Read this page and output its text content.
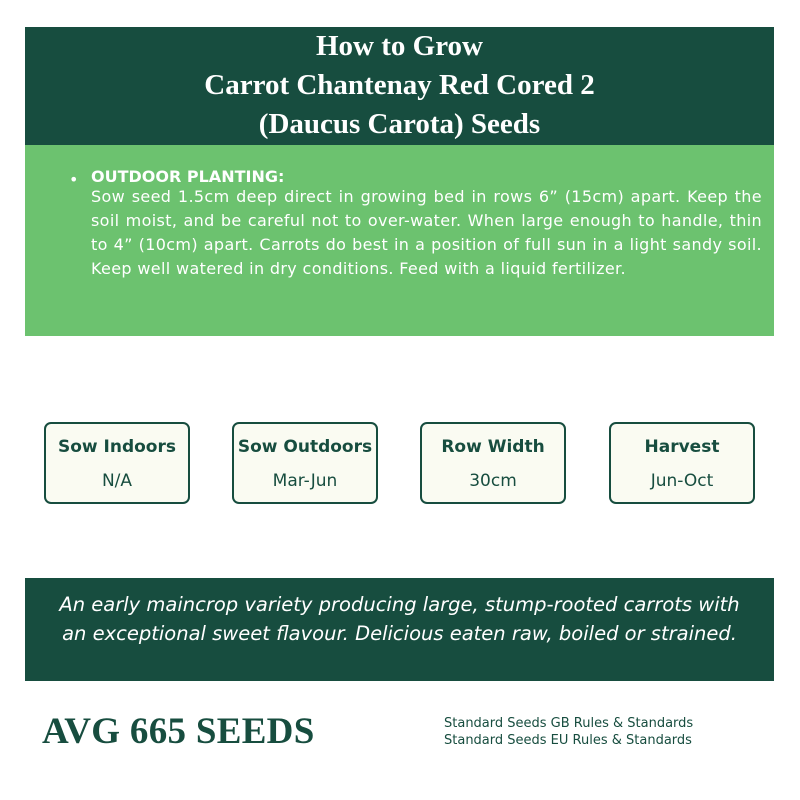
How to Grow
Carrot Chantenay Red Cored 2
(Daucus Carota) Seeds
• OUTDOOR PLANTING:
Sow seed 1.5cm deep direct in growing bed in rows 6” (15cm) apart. Keep the soil moist, and be careful not to over-water. When large enough to handle, thin to 4” (10cm) apart. Carrots do best in a position of full sun in a light sandy soil. Keep well watered in dry conditions. Feed with a liquid fertilizer.
Sow Indoors
N/A
Sow Outdoors
Mar-Jun
Row Width
30cm
Harvest
Jun-Oct
An early maincrop variety producing large, stump-rooted carrots with an exceptional sweet flavour. Delicious eaten raw, boiled or strained.
AVG 665 SEEDS	Standard Seeds GB Rules & Standards
Standard Seeds EU Rules & Standards
